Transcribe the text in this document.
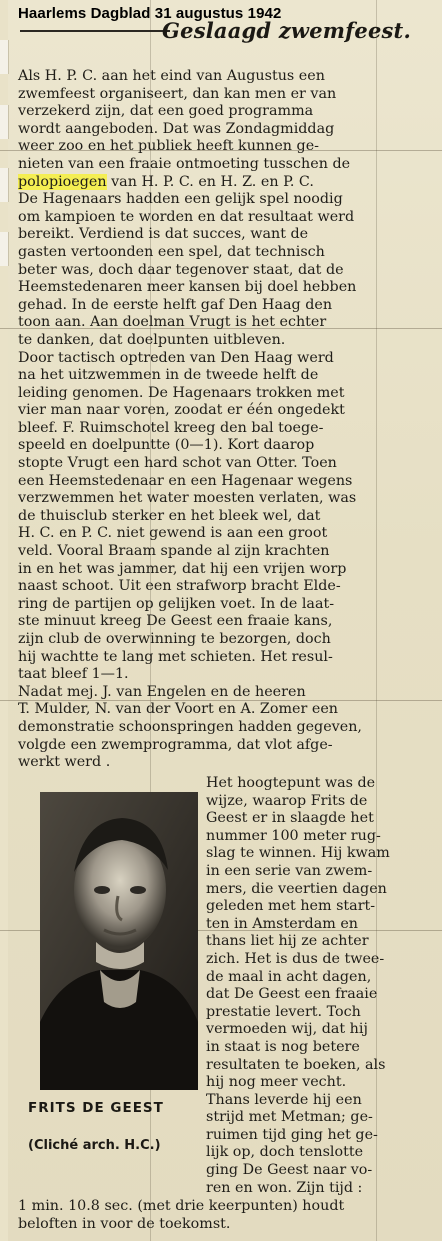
Haarlems Dagblad 31 augustus 1942
Geslaagd zwemfeest.
Als H. P. C. aan het eind van Augustus een
zwemfeest organiseert, dan kan men er van
verzekerd zijn, dat een goed programma
wordt aangeboden. Dat was Zondagmiddag
weer zoo en het publiek heeft kunnen ge-
nieten van een fraaie ontmoeting tusschen de
polopioegen van H. P. C. en H. Z. en P. C.
De Hagenaars hadden een gelijk spel noodig
om kampioen te worden en dat resultaat werd
bereikt. Verdiend is dat succes, want de
gasten vertoonden een spel, dat technisch
beter was, doch daar tegenover staat, dat de
Heemstedenaren meer kansen bij doel hebben
gehad. In de eerste helft gaf Den Haag den
toon aan. Aan doelman Vrugt is het echter
te danken, dat doelpunten uitbleven.
Door tactisch optreden van Den Haag werd
na het uitzwemmen in de tweede helft de
leiding genomen. De Hagenaars trokken met
vier man naar voren, zoodat er één ongedekt
bleef. F. Ruimschotel kreeg den bal toege-
speeld en doelpuntte (0—1). Kort daarop
stopte Vrugt een hard schot van Otter. Toen
een Heemstedenaar en een Hagenaar wegens
verzwemmen het water moesten verlaten, was
de thuisclub sterker en het bleek wel, dat
H. C. en P. C. niet gewend is aan een groot
veld. Vooral Braam spande al zijn krachten
in en het was jammer, dat hij een vrijen worp
naast schoot. Uit een strafworp bracht Elde-
ring de partijen op gelijken voet. In de laat-
ste minuut kreeg De Geest een fraaie kans,
zijn club de overwinning te bezorgen, doch
hij wachtte te lang met schieten. Het resul-
taat bleef 1—1.
Nadat mej. J. van Engelen en de heeren
T. Mulder, N. van der Voort en A. Zomer een
demonstratie schoonspringen hadden gegeven,
volgde een zwemprogramma, dat vlot afge-
werkt werd .
Het hoogtepunt was de
wijze, waarop Frits de
Geest er in slaagde het
nummer 100 meter rug-
slag te winnen. Hij kwam
in een serie van zwem-
mers, die veertien dagen
geleden met hem start-
ten in Amsterdam en
thans liet hij ze achter
zich. Het is dus de twee-
de maal in acht dagen,
dat De Geest een fraaie
prestatie levert. Toch
vermoeden wij, dat hij
in staat is nog betere
resultaten te boeken, als
hij nog meer vecht.
Thans leverde hij een
strijd met Metman; ge-
ruimen tijd ging het ge-
lijk op, doch tenslotte
ging De Geest naar vo-
ren en won. Zijn tijd :
FRITS DE GEEST
(Cliché arch. H.C.)
1 min. 10.8 sec. (met drie keerpunten) houdt
beloften in voor de toekomst.
